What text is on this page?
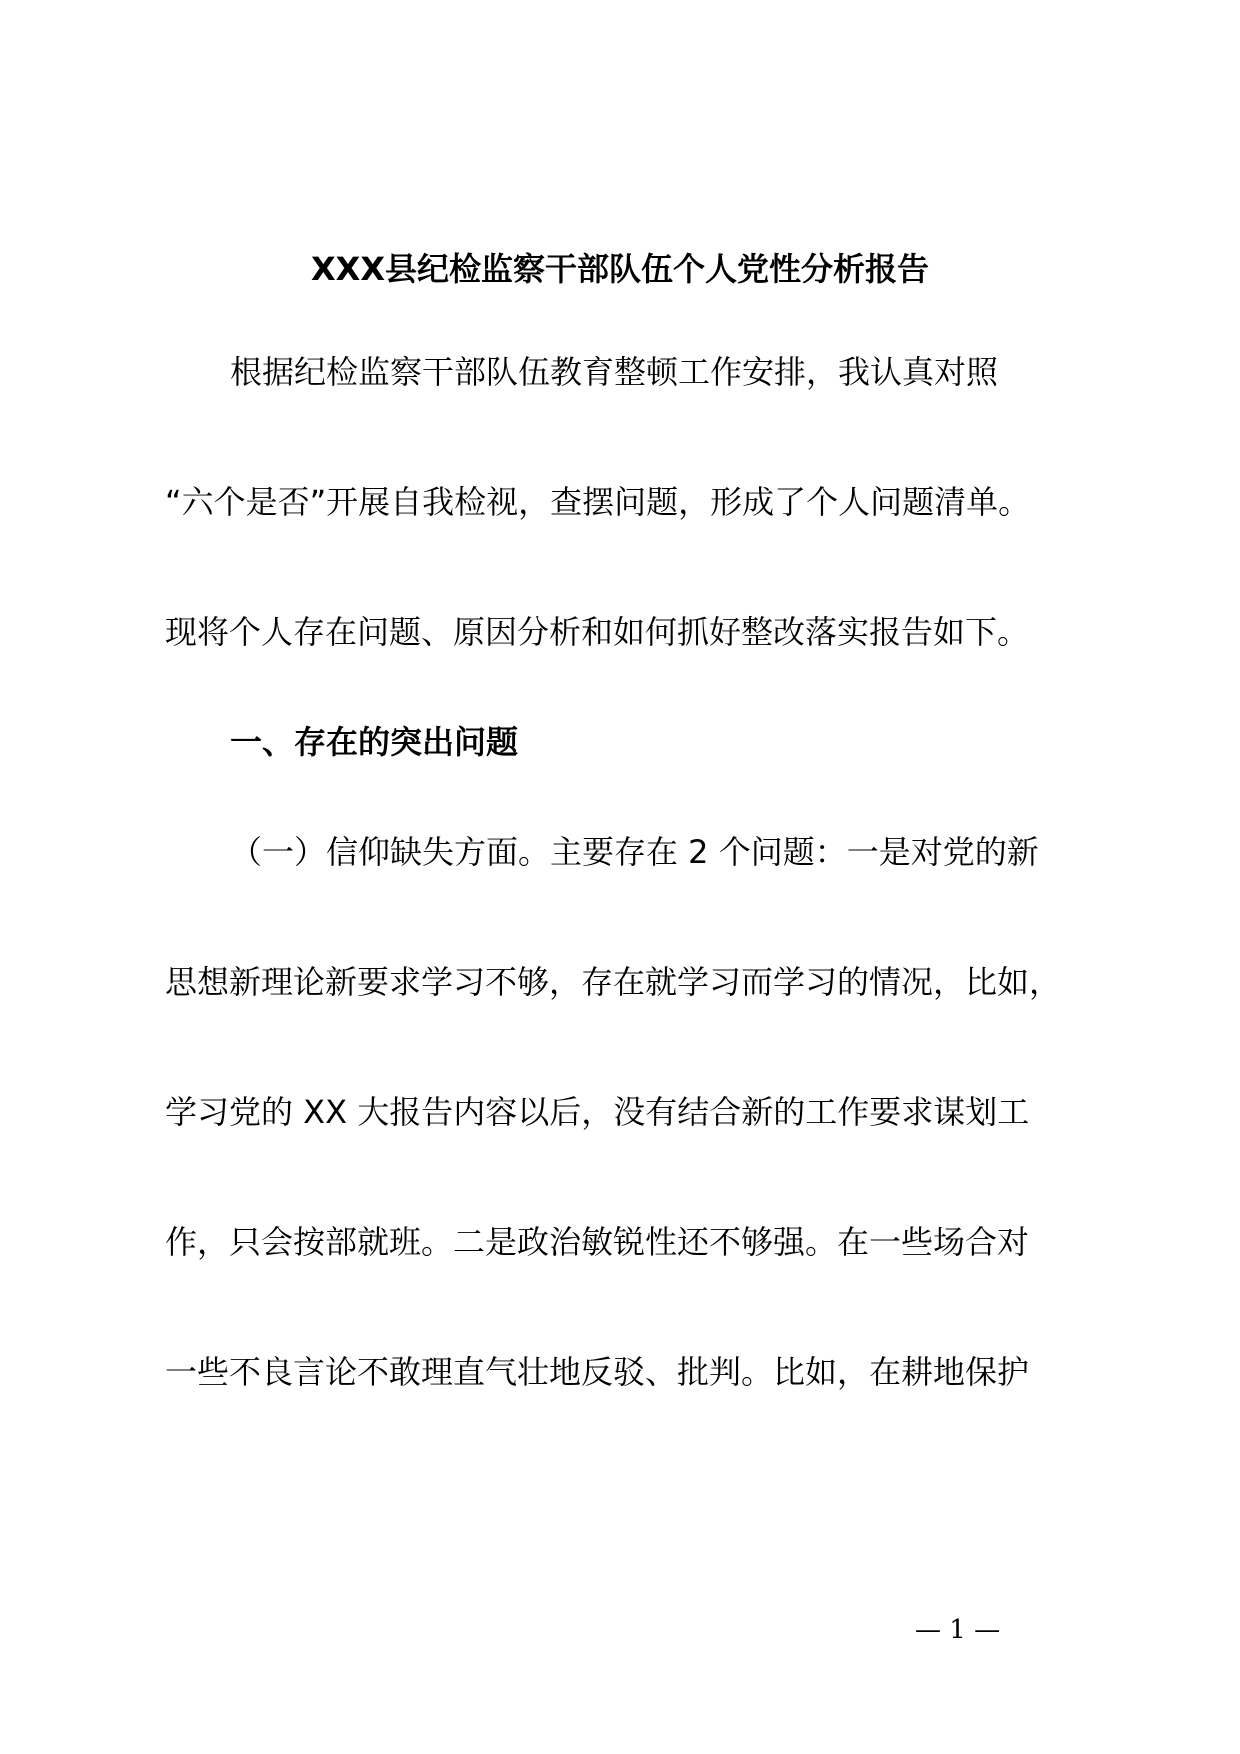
XXX县纪检监察干部队伍个人党性分析报告
根据纪检监察干部队伍教育整顿工作安排，我认真对照
“六个是否”开展自我检视，查摆问题，形成了个人问题清单。
现将个人存在问题、原因分析和如何抓好整改落实报告如下。
一、存在的突出问题
（一）信仰缺失方面。主要存在 2 个问题：一是对党的新
思想新理论新要求学习不够，存在就学习而学习的情况，比如，
学习党的 XX 大报告内容以后，没有结合新的工作要求谋划工
作，只会按部就班。二是政治敏锐性还不够强。在一些场合对
一些不良言论不敢理直气壮地反驳、批判。比如，在耕地保护
— 1 —
